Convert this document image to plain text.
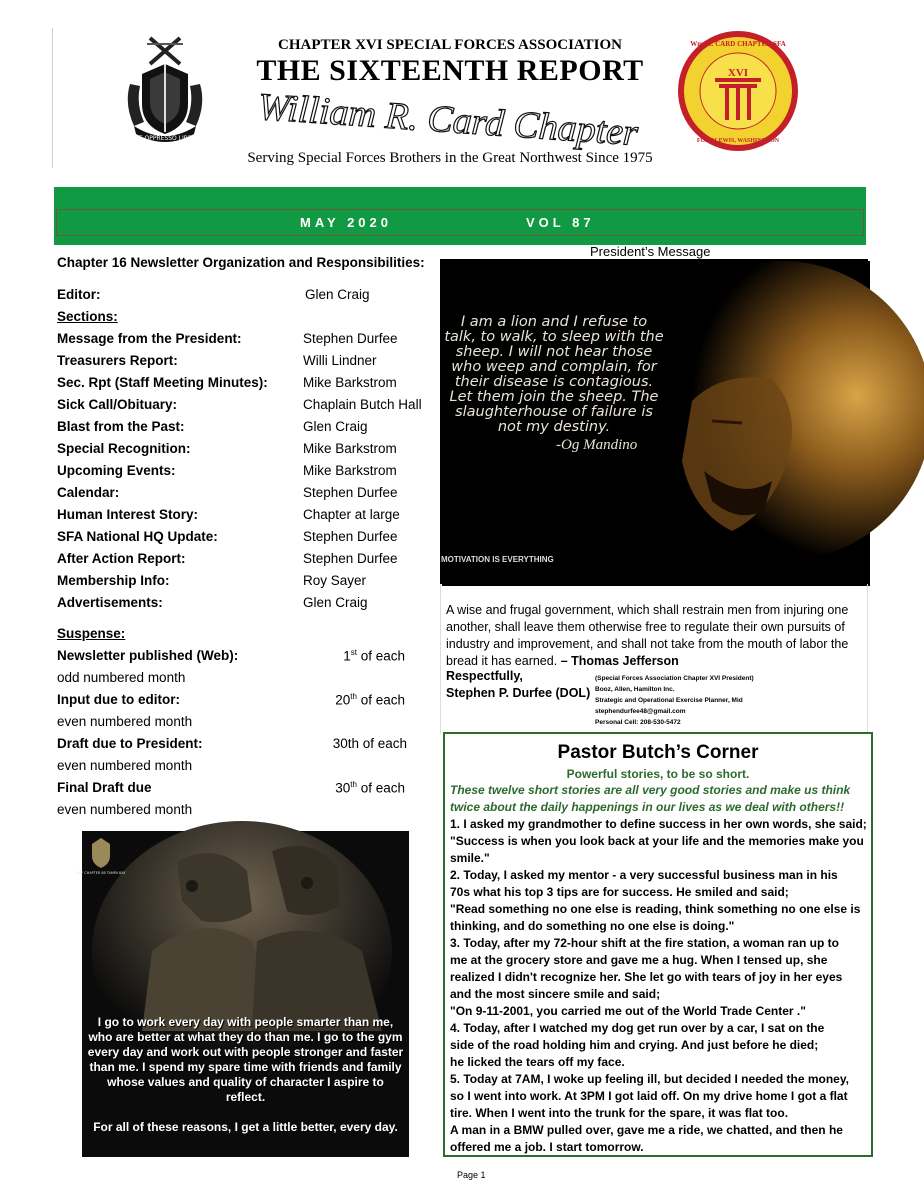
DE OPPRESSO LIBER
CHAPTER XVI SPECIAL FORCES ASSOCIATION
THE SIXTEENTH REPORT
William R. Card Chapter
Serving Special Forces Brothers in the Great Northwest Since 1975
XVI
Wm. R. CARD CHAPTER SFA
FORT LEWIS, WASHINGTON
MAY 2020	VOL 87
Chapter 16 Newsletter Organization and Responsibilities:
Editor:	Glen Craig
Sections:
Message from the President:	Stephen Durfee
Treasurers Report:	Willi Lindner
Sec. Rpt (Staff Meeting Minutes):	Mike Barkstrom
Sick Call/Obituary:	Chaplain Butch Hall
Blast from the Past:	Glen Craig
Special Recognition:	Mike Barkstrom
Upcoming Events:	Mike Barkstrom
Calendar:	Stephen Durfee
Human Interest Story:	Chapter at large
SFA National HQ Update:	Stephen Durfee
After Action Report:	Stephen Durfee
Membership Info:	Roy Sayer
Advertisements:	Glen Craig
Suspense:
Newsletter published (Web):	1st of each
odd numbered month
Input due to editor:	20th of each
even numbered month
Draft due to President:	30th of each
even numbered month
Final Draft due	30th of each
even numbered month
President’s Message
I am a lion and I refuse to talk, to walk, to sleep with the sheep. I will not hear those who weep and complain, for their disease is contagious. Let them join the sheep. The slaughterhouse of failure is not my destiny.
-Og Mandino
MOTIVATION IS EVERYTHING
A wise and frugal government, which shall restrain men from injuring one another, shall leave them otherwise free to regulate their own pursuits of industry and improvement, and shall not take from the mouth of labor the bread it has earned. – Thomas Jefferson
Respectfully,
Stephen P. Durfee (DOL)
(Special Forces Association Chapter XVI President)
Booz, Allen, Hamilton Inc.
Strategic and Operational Exercise Planner, Mid
stephendurfee48@gmail.com
Personal Cell: 208-530-5472
Pastor Butch’s Corner
Powerful stories, to be so short.
These twelve short stories are all very good stories and make us think twice about the daily happenings in our lives as we deal with others!!
1. I asked my grandmother to define success in her own words, she said;
"Success is when you look back at your life and the memories make you
smile."
2. Today, I asked my mentor - a very successful business man in his
70s what his top 3 tips are for success. He smiled and said;
"Read something no one else is reading, think something no one else is
thinking, and do something no one else is doing."
3. Today, after my 72-hour shift at the fire station, a woman ran up to
me at the grocery store and gave me a hug. When I tensed up, she
realized I didn't recognize her. She let go with tears of joy in her eyes
and the most sincere smile and said;
"On 9-11-2001, you carried me out of the World Trade Center ."
4. Today, after I watched my dog get run over by a car, I sat on the
side of the road holding him and crying. And just before he died;
he licked the tears off my face.
5. Today at 7AM, I woke up feeling ill, but decided I needed the money,
so I went into work. At 3PM I got laid off. On my drive home I got a flat
tire. When I went into the trunk for the spare, it was flat too.
A man in a BMW pulled over, gave me a ride, we chatted, and then he
offered me a job. I start tomorrow.
SOF CHAPTER 88 TAMPA BAY
I go to work every day with people smarter than me, who are better at what they do than me. I go to the gym every day and work out with people stronger and faster than me. I spend my spare time with friends and family whose values and quality of character I aspire to reflect.
For all of these reasons, I get a little better, every day.
Page 1
